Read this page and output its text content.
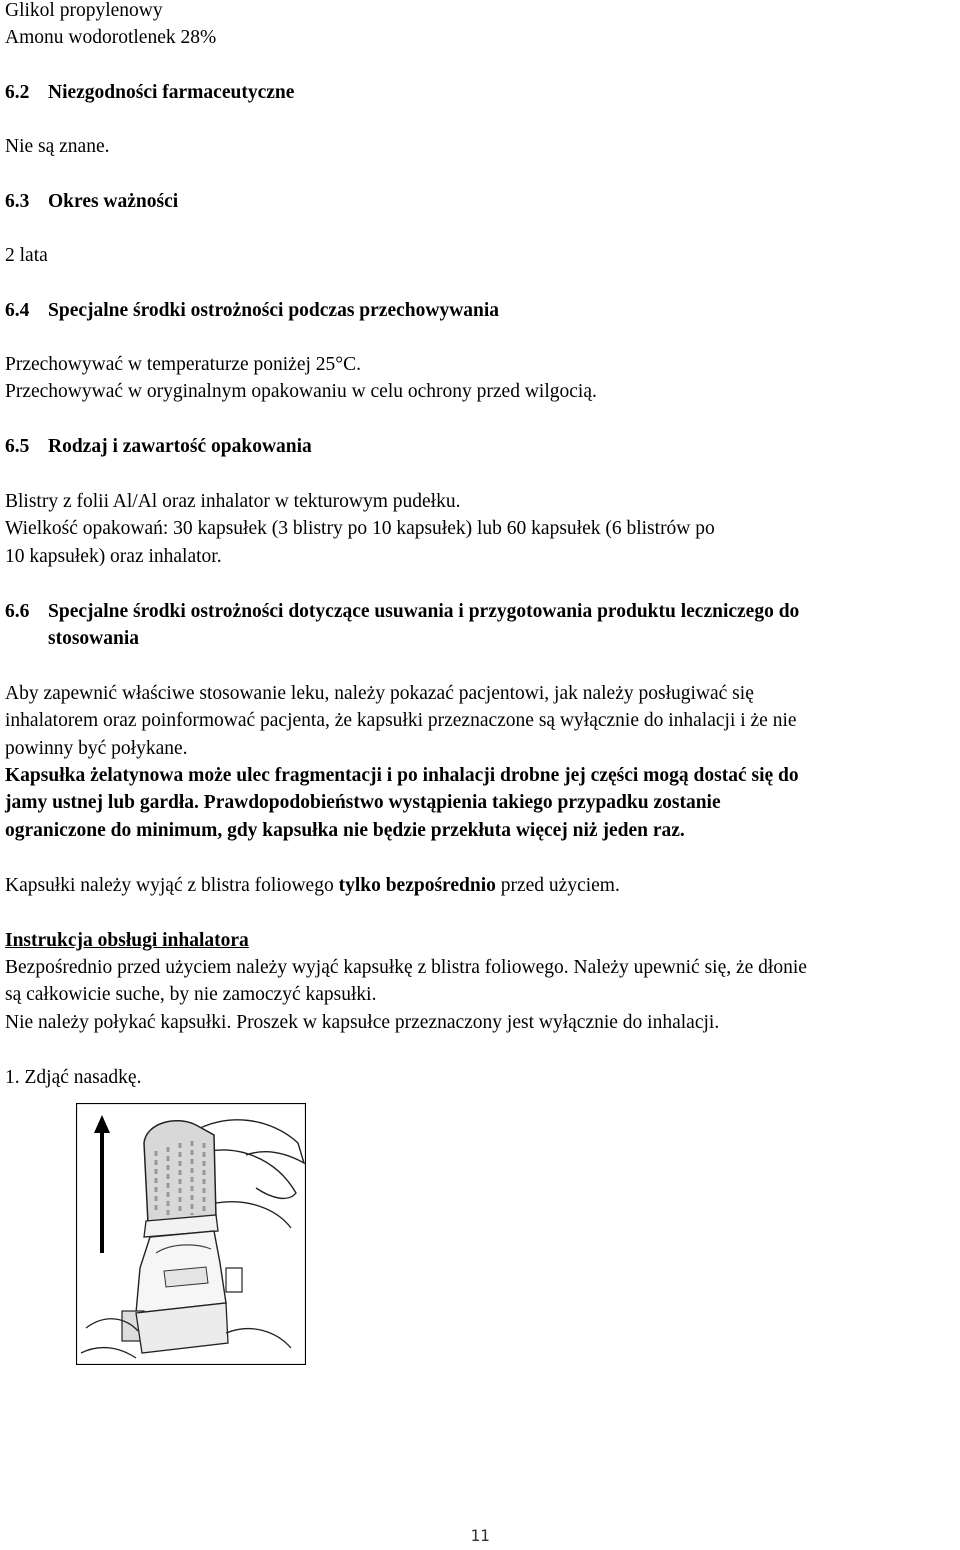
Glikol propylenowy
Amonu wodorotlenek 28%
6.2 Niezgodności farmaceutyczne
Nie są znane.
6.3 Okres ważności
2 lata
6.4 Specjalne środki ostrożności podczas przechowywania
Przechowywać w temperaturze poniżej 25°C.
Przechowywać w oryginalnym opakowaniu w celu ochrony przed wilgocią.
6.5 Rodzaj i zawartość opakowania
Blistry z folii Al/Al oraz inhalator w tekturowym pudełku.
Wielkość opakowań: 30 kapsułek (3 blistry po 10 kapsułek) lub 60 kapsułek (6 blistrów po
10 kapsułek) oraz inhalator.
6.6 Specjalne środki ostrożności dotyczące usuwania i przygotowania produktu leczniczego do
stosowania
Aby zapewnić właściwe stosowanie leku, należy pokazać pacjentowi, jak należy posługiwać się
inhalatorem oraz poinformować pacjenta, że kapsułki przeznaczone są wyłącznie do inhalacji i że nie
powinny być połykane.
Kapsułka żelatynowa może ulec fragmentacji i po inhalacji drobne jej części mogą dostać się do
jamy ustnej lub gardła. Prawdopodobieństwo wystąpienia takiego przypadku zostanie
ograniczone do minimum, gdy kapsułka nie będzie przekłuta więcej niż jeden raz.
Kapsułki należy wyjąć z blistra foliowego tylko bezpośrednio przed użyciem.
Instrukcja obsługi inhalatora
Bezpośrednio przed użyciem należy wyjąć kapsułkę z blistra foliowego. Należy upewnić się, że dłonie
są całkowicie suche, by nie zamoczyć kapsułki.
Nie należy połykać kapsułki. Proszek w kapsułce przeznaczony jest wyłącznie do inhalacji.
1. Zdjąć nasadkę.
11
